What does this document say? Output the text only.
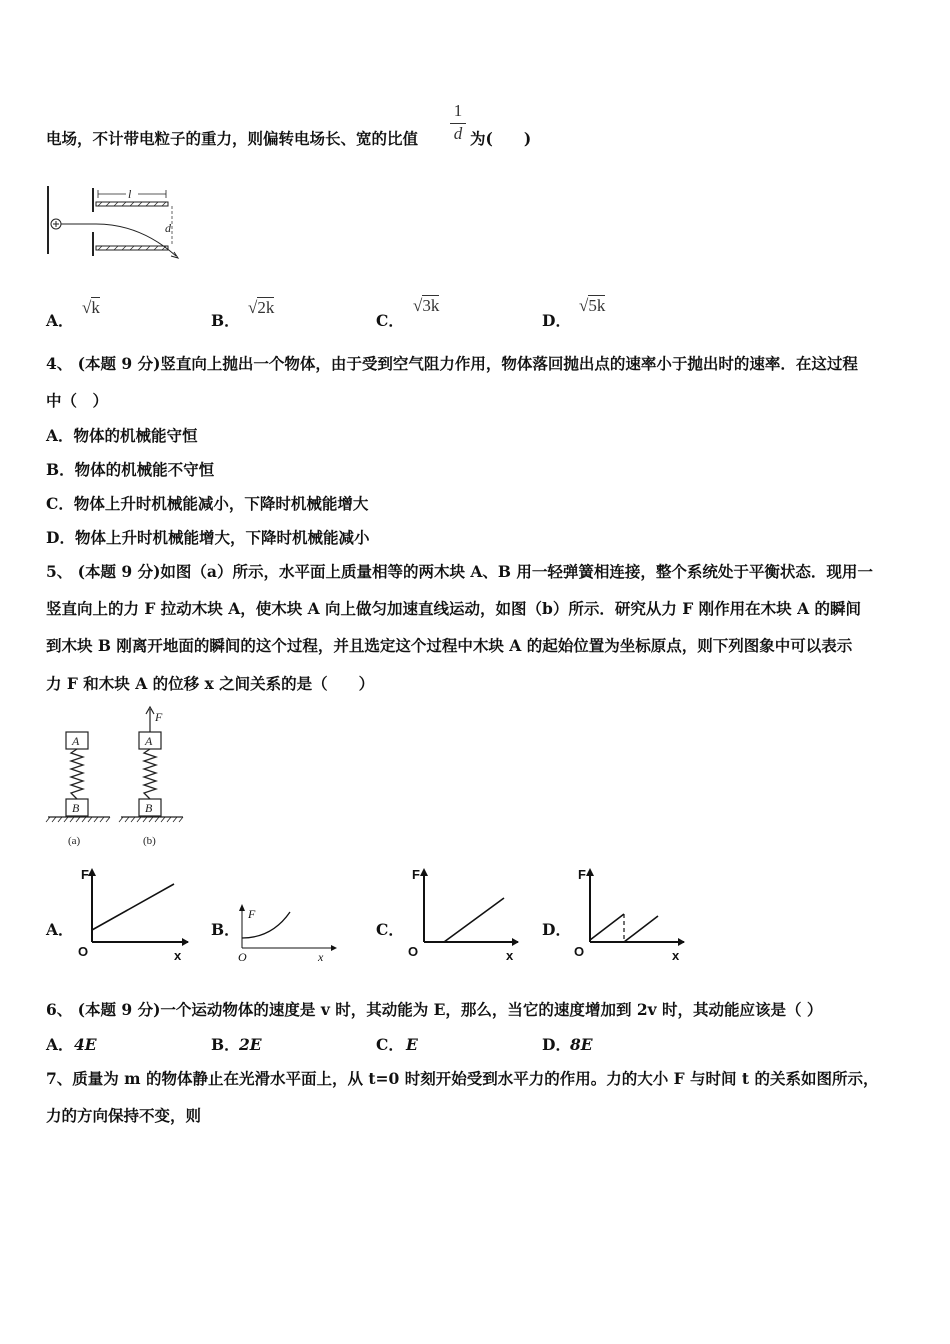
电场，不计带电粒子的重力，则偏转电场长、宽的比值
1
d 为(　　)
l
d
A．
√k
B．
√2k
C．
√3k
D．
√5k
4、 (本题 9 分)竖直向上抛出一个物体，由于受到空气阻力作用，物体落回抛出点的速率小于抛出时的速率．在这过程
中（　）
A．物体的机械能守恒
B．物体的机械能不守恒
C．物体上升时机械能减小，下降时机械能增大
D．物体上升时机械能增大，下降时机械能减小
5、 (本题 9 分)如图（a）所示，水平面上质量相等的两木块 A、B 用一轻弹簧相连接，整个系统处于平衡状态．现用一
竖直向上的力 F 拉动木块 A，使木块 A 向上做匀加速直线运动，如图（b）所示．研究从力 F 刚作用在木块 A 的瞬间
到木块 B 刚离开地面的瞬间的这个过程，并且选定这个过程中木块 A 的起始位置为坐标原点，则下列图象中可以表示
力 F 和木块 A 的位移 x 之间关系的是（　　）
A
B
(a)
F
A
B
(b)
A．
F
O	x
B．
F
O	x
C．
F
O	x
D．
F
O	x
6、 (本题 9 分)一个运动物体的速度是 v 时，其动能为 E，那么，当它的速度增加到 2v 时，其动能应该是（ ）
A． 4E	B． 2E	C． E	D． 8E
7、质量为 m 的物体静止在光滑水平面上，从 t=0 时刻开始受到水平力的作用。力的大小 F 与时间 t 的关系如图所示，
力的方向保持不变，则
